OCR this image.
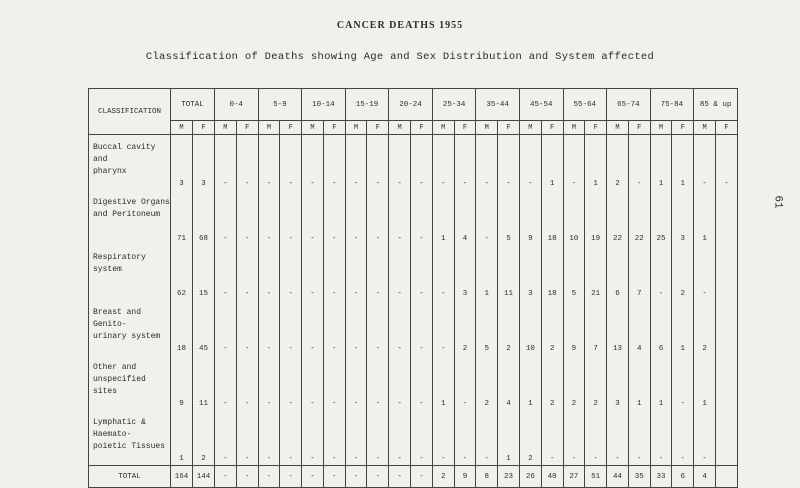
CANCER DEATHS 1955
Classification of Deaths showing Age and Sex Distribution and System affected
61
CLASSIFICATION	TOTAL		0-4		5-9		10-14		15-19		20-24		25-34		35-44		45-54		55-64		65-74		75-84		85 & up	
	M	F	M	F	M	F	M	F	M	F	M	F	M	F	M	F	M	F	M	F	M	F	M	F	M	F
Buccal cavity and
pharynx	3	3	-	-	-	-	-	-	-	-	-	-	-	-	-	-	-	1	-	1	2	-	1	1	-	-
Digestive Organs
and Peritoneum	71	68	-	-	-	-	-	-	-	-	-	-	1	4	-	5	9	18	10	19	22	22	25	3	1	
Respiratory system	62	15	-	-	-	-	-	-	-	-	-	-	-	3	1	11	3	18	5	21	6	7	-	2	-	
Breast and Genito-
urinary system	18	45	-	-	-	-	-	-	-	-	-	-	-	2	5	2	10	2	9	7	13	4	6	1	2	
Other and unspecified
sites	9	11	-	-	-	-	-	-	-	-	-	-	1	-	2	4	1	2	2	2	3	1	1	-	1	
Lymphatic & Haemato-
poietic Tissues	1	2	-	-	-	-	-	-	-	-	-	-	-	-	-	1	2	-	-	-	-	-	-	-	-	
TOTAL	164	144	-	-	-	-	-	-	-	-	-	-	2	9	8	23	26	40	27	51	44	35	33	6	4	
